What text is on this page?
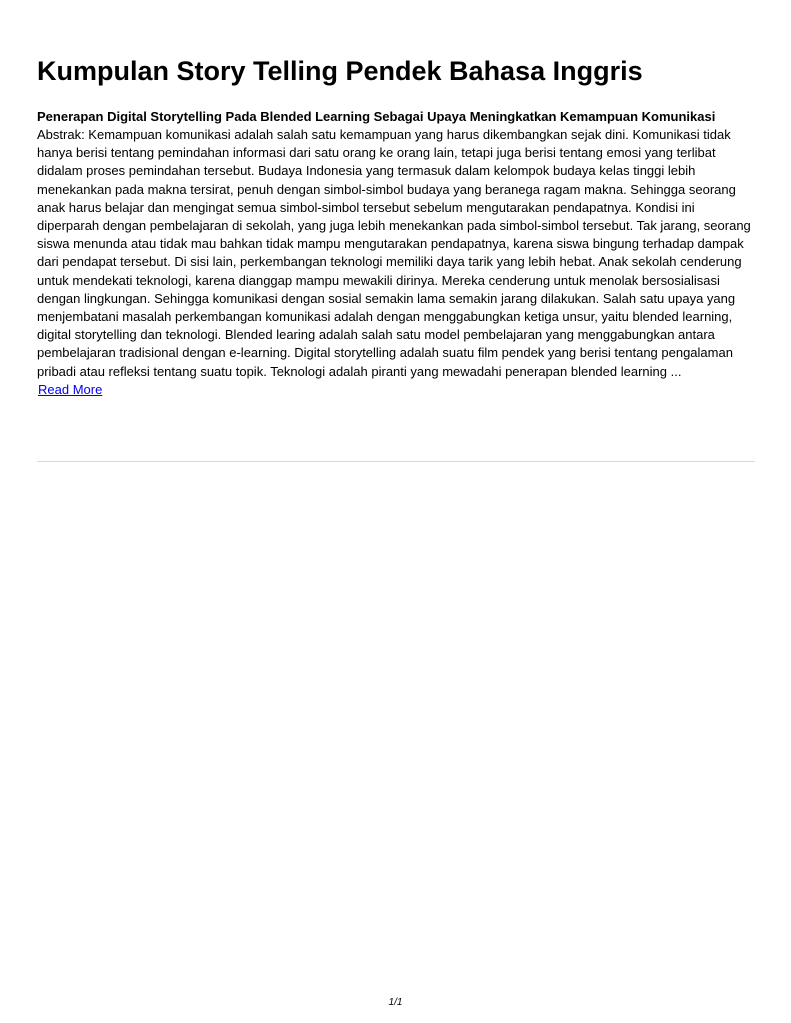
Kumpulan Story Telling Pendek Bahasa Inggris
Penerapan Digital Storytelling Pada Blended Learning Sebagai Upaya Meningkatkan Kemampuan Komunikasi

Abstrak: Kemampuan komunikasi adalah salah satu kemampuan yang harus dikembangkan sejak dini. Komunikasi tidak hanya berisi tentang pemindahan informasi dari satu orang ke orang lain, tetapi juga berisi tentang emosi yang terlibat didalam proses pemindahan tersebut. Budaya Indonesia yang termasuk dalam kelompok budaya kelas tinggi lebih menekankan pada makna tersirat, penuh dengan simbol-simbol budaya yang beranega ragam makna. Sehingga seorang anak harus belajar dan mengingat semua simbol-simbol tersebut sebelum mengutarakan pendapatnya. Kondisi ini diperparah dengan pembelajaran di sekolah, yang juga lebih menekankan pada simbol-simbol tersebut. Tak jarang, seorang siswa menunda atau tidak mau bahkan tidak mampu mengutarakan pendapatnya, karena siswa bingung terhadap dampak dari pendapat tersebut. Di sisi lain, perkembangan teknologi memiliki daya tarik yang lebih hebat. Anak sekolah cenderung untuk mendekati teknologi, karena dianggap mampu mewakili dirinya. Mereka cenderung untuk menolak bersosialisasi dengan lingkungan. Sehingga komunikasi dengan sosial semakin lama semakin jarang dilakukan. Salah satu upaya yang menjembatani masalah perkembangan komunikasi adalah dengan menggabungkan ketiga unsur, yaitu blended learning, digital storytelling dan teknologi. Blended learing adalah salah satu model pembelajaran yang menggabungkan antara pembelajaran tradisional dengan e-learning. Digital storytelling adalah suatu film pendek yang berisi tentang pengalaman pribadi atau refleksi tentang suatu topik. Teknologi adalah piranti yang mewadahi penerapan blended learning ...

Read More
1/1
